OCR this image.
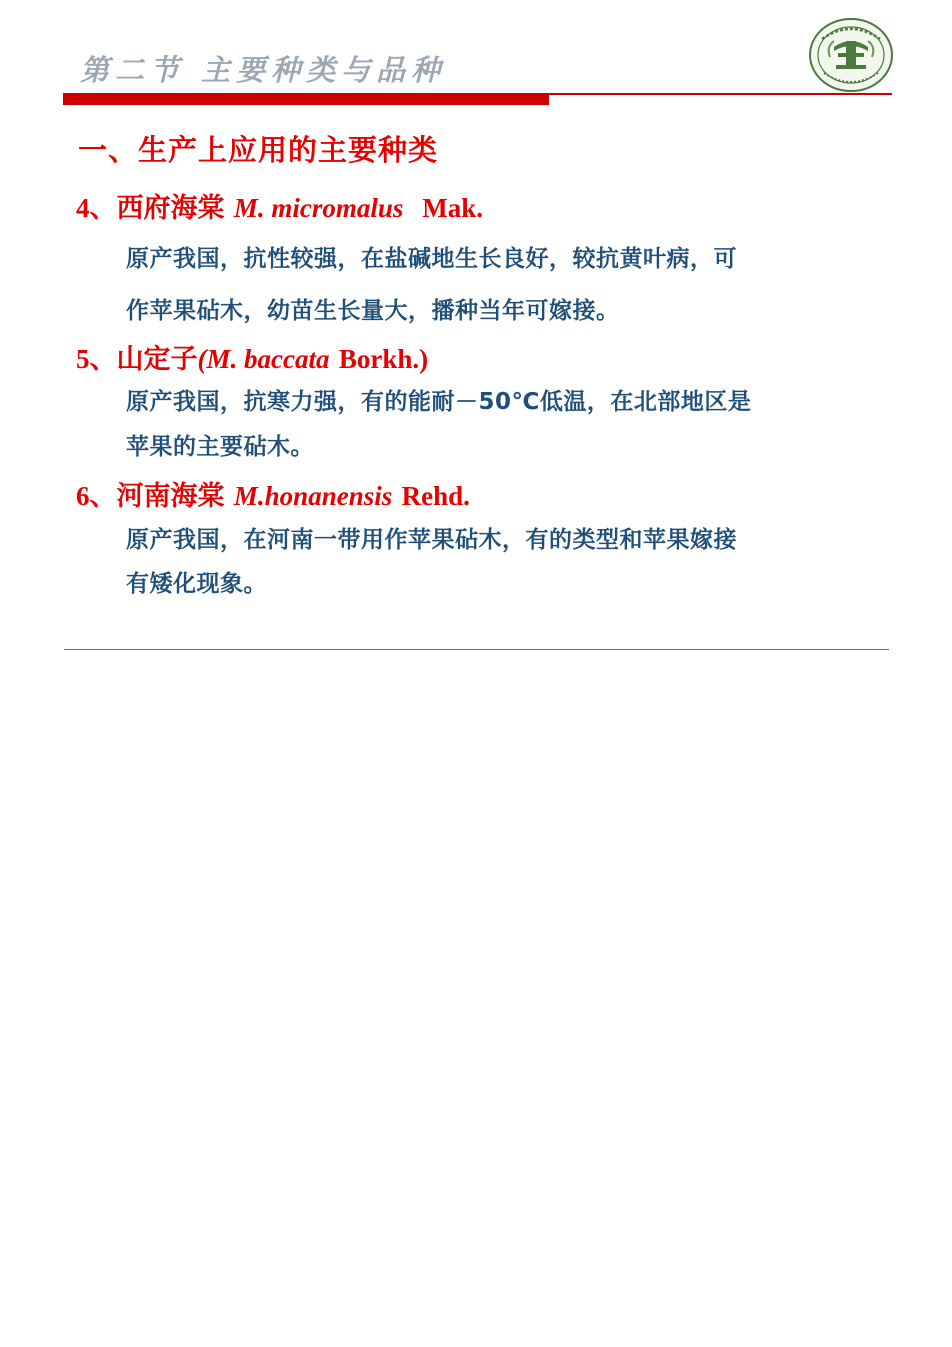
第二节 主要种类与品种
一、生产上应用的主要种类
4、西府海棠 M. micromalus Mak.
原产我国，抗性较强，在盐碱地生长良好，较抗黄叶病，可
作苹果砧木，幼苗生长量大，播种当年可嫁接。
5、山定子(M. baccata Borkh.)
原产我国，抗寒力强，有的能耐－50℃低温，在北部地区是
苹果的主要砧木。
6、河南海棠 M.honanensis Rehd.
原产我国，在河南一带用作苹果砧木，有的类型和苹果嫁接
有矮化现象。
